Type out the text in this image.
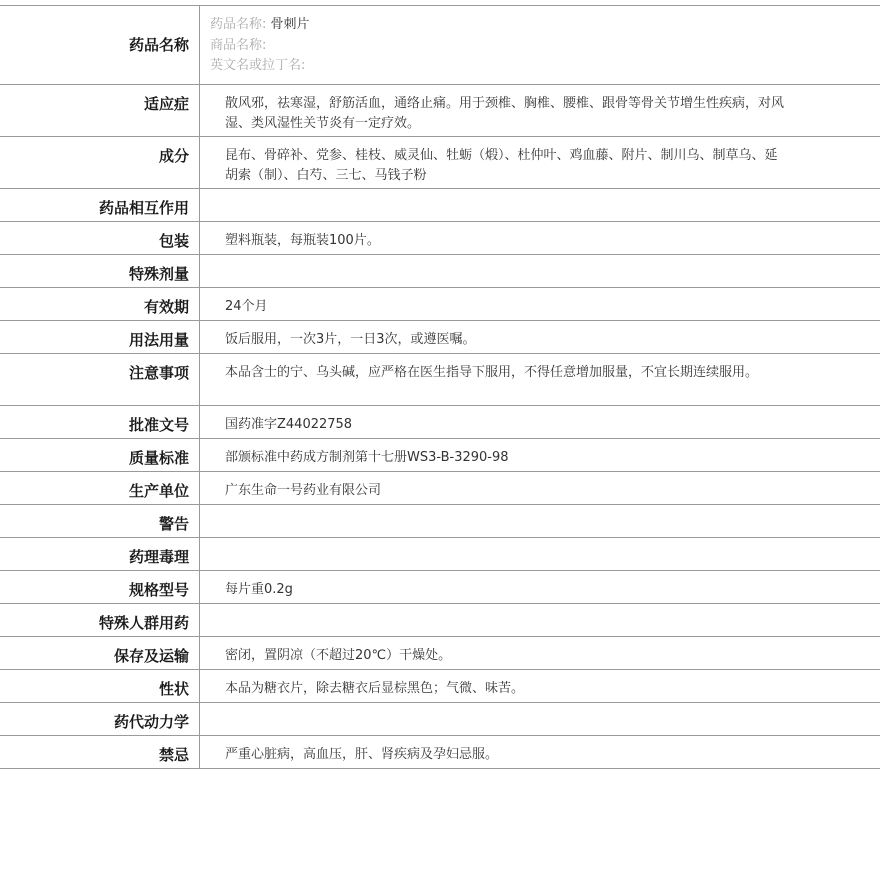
药品名称
药品名称: 骨刺片
商品名称:
英文名或拉丁名:
适应症	散风邪，祛寒湿，舒筋活血，通络止痛。用于颈椎、胸椎、腰椎、跟骨等骨关节增生性疾病，对风湿、类风湿性关节炎有一定疗效。
成分	昆布、骨碎补、党参、桂枝、威灵仙、牡蛎（煅）、杜仲叶、鸡血藤、附片、制川乌、制草乌、延胡索（制）、白芍、三七、马钱子粉
药品相互作用
包装	塑料瓶装，每瓶装100片。
特殊剂量
有效期	24个月
用法用量	饭后服用，一次3片，一日3次，或遵医嘱。
注意事项	本品含士的宁、乌头碱，应严格在医生指导下服用，不得任意增加服量，不宜长期连续服用。
批准文号	国药准字Z44022758
质量标准	部颁标准中药成方制剂第十七册WS3-B-3290-98
生产单位	广东生命一号药业有限公司
警告
药理毒理
规格型号	每片重0.2g
特殊人群用药
保存及运输	密闭，置阴凉（不超过20℃）干燥处。
性状	本品为糖衣片，除去糖衣后显棕黑色；气微、味苦。
药代动力学
禁忌	严重心脏病，高血压，肝、肾疾病及孕妇忌服。
